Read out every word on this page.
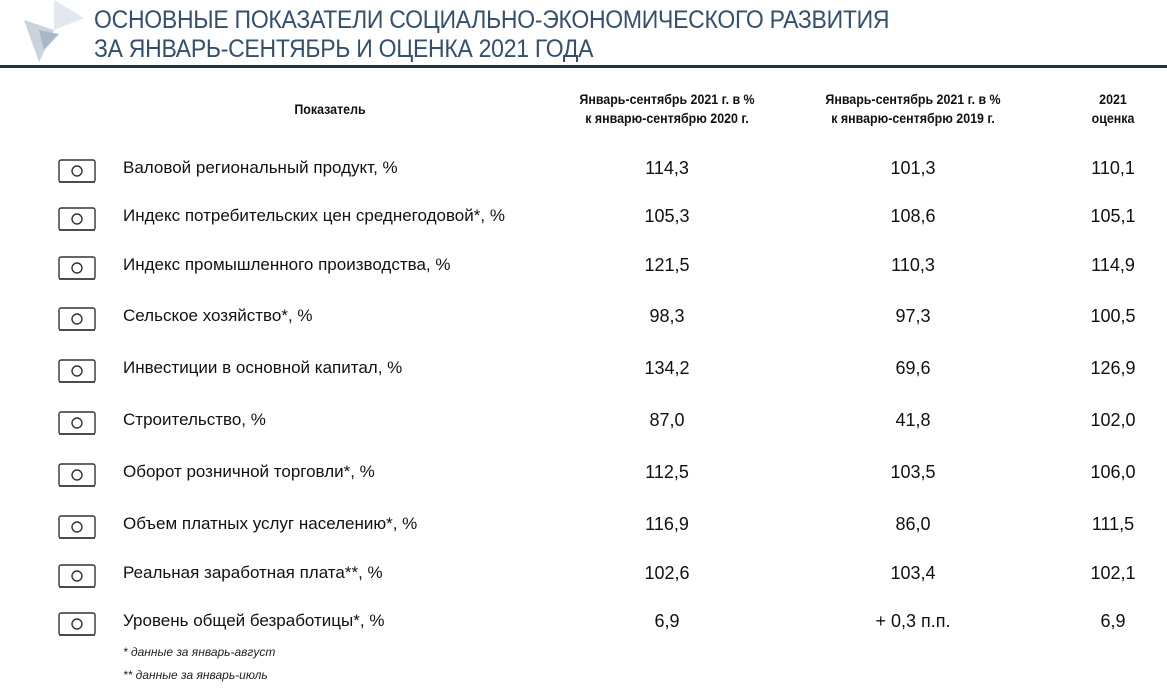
ОСНОВНЫЕ ПОКАЗАТЕЛИ СОЦИАЛЬНО-ЭКОНОМИЧЕСКОГО РАЗВИТИЯ
ЗА ЯНВАРЬ-СЕНТЯБРЬ И ОЦЕНКА 2021 ГОДА
Показатель
Январь-сентябрь 2021 г. в %
к январю-сентябрю 2020 г.
Январь-сентябрь 2021 г. в %
к январю-сентябрю 2019 г.
2021
оценка
Валовой региональный продукт, %	114,3	101,3	110,1
Индекс потребительских цен среднегодовой*, %	105,3	108,6	105,1
Индекс промышленного производства, %	121,5	110,3	114,9
Сельское хозяйство*, %	98,3	97,3	100,5
Инвестиции в основной капитал, %	134,2	69,6	126,9
Строительство, %	87,0	41,8	102,0
Оборот розничной торговли*, %	112,5	103,5	106,0
Объем платных услуг населению*, %	116,9	86,0	111,5
Реальная заработная плата**, %	102,6	103,4	102,1
Уровень общей безработицы*, %	6,9	+ 0,3 п.п.	6,9
* данные за январь-август
** данные за январь-июль
